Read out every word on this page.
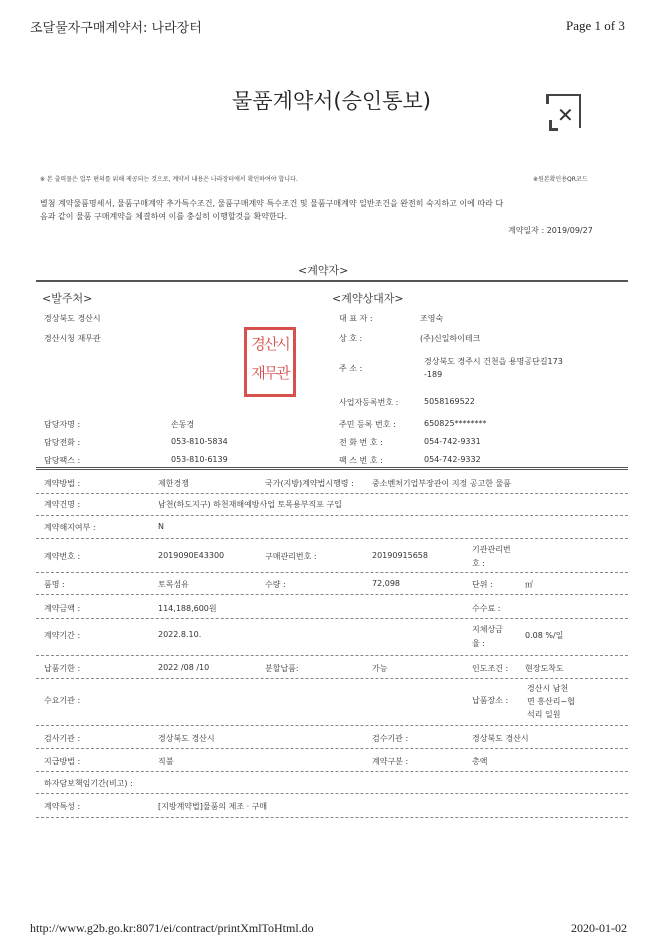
조달물자구매계약서: 나라장터	Page 1 of 3
물품계약서(승인통보)
✕
※ 본 출력물은 업무 편의를 위해 제공되는 것으로, 계약서 내용은 나라장터에서 확인하여야 합니다.	※원본확인용QR코드
별첨 계약물품명세서, 물품구매계약 추가특수조건, 물품구매계약 특수조건 및 물품구매계약 일반조건을 완전히 숙지하고 이에 따라 다
음과 같이 물품 구매계약을 체결하여 이를 충실히 이행할것을 확약한다.
계약일자 : 2019/09/27
<계약자>
<발주처>
경상북도 경산시
경산시청 재무관	경산시
재무관
담당자명 :	손동경
담당전화 :	053-810-5834
담당팩스 :	053-810-6139
<계약상대자>
대 표 자 :	조영숙
상 호 :	(주)신일하이테크
주 소 :
경상북도 경주시 건천읍 용명공단길173
-189
사업자등록번호 :	5058169522
주민 등록 번호 :	650825********
전 화 번 호 :	054-742-9331
팩 스 번 호 :	054-742-9332
계약방법 :	제한경쟁	국가(지방)계약법시행령 : 중소벤처기업부장관이 지정 공고한 물품
계약건명 :	남천(하도지구) 하천재해예방사업 토목용부직포 구입
계약해지여부 :	N
계약번호 :	2019090E43300	구매관리번호 :	20190915658
기관관리번
호 :
품명 :	토목섬유	수량 :	72,098	단위 :	㎡
계약금액 :	114,188,600원	수수료 :
계약기간 :	2022.8.10.
지체상금
율 :
0.08 %/일
납품기한 :	2022 /08 /10	분할납품:	가능	인도조건 : 현장도착도
수요기관 :	납품장소 :
경산시 남천
면 흥산리~협
석리 일원
검사기관 :	경상북도 경산시	검수기관 :	경상북도 경산시
지급방법 :	직불	계약구분 :	총액
하자담보책임기간(비고) :
계약특성 :	[지방계약법]물품의 제조 · 구매
http://www.g2b.go.kr:8071/ei/contract/printXmlToHtml.do	2020-01-02
